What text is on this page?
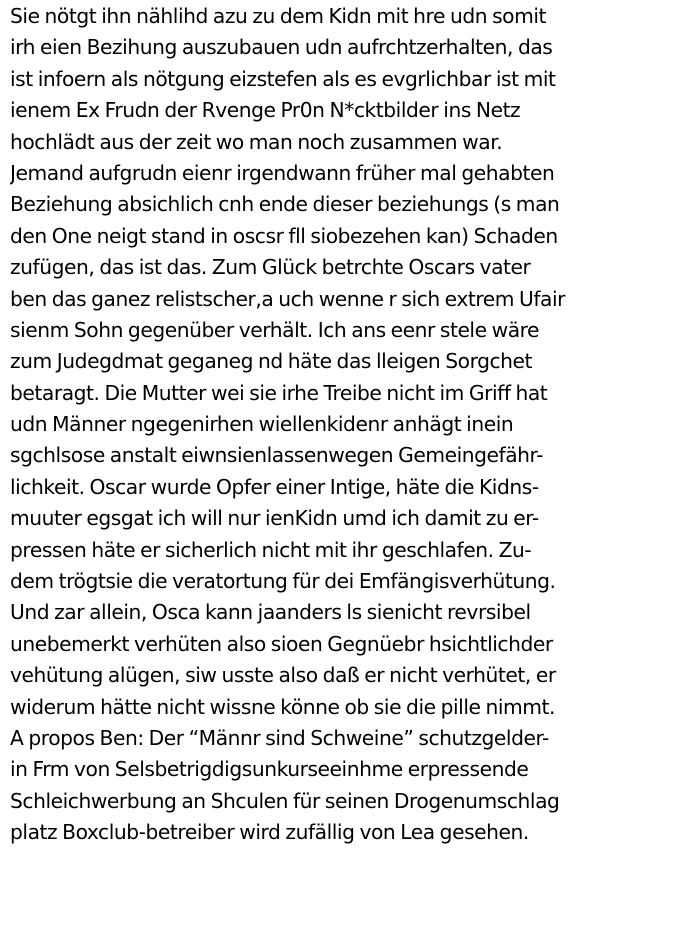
Sie nötgt ihn nählihd azu zu dem Kidn mit hre udn somit
irh eien Bezihung auszubauen udn aufrchtzerhalten, das
ist infoern als nötgung eizstefen als es evgrlichbar ist mit
ienem Ex Frudn der Rvenge Pr0n N*cktbilder ins Netz
hochlädt aus der zeit wo man noch zusammen war.
Jemand aufgrudn eienr irgendwann früher mal gehabten
Beziehung absichlich cnh ende dieser beziehungs (s man
den One neigt stand in oscsr fll siobezehen kan) Schaden
zufügen, das ist das. Zum Glück betrchte Oscars vater
ben das ganez relistscher,a uch wenne r sich extrem Ufair
sienm Sohn gegenüber verhält. Ich ans eenr stele wäre
zum Judegdmat geganeg nd häte das lleigen Sorgchet
betaragt. Die Mutter wei sie irhe Treibe nicht im Griff hat
udn Männer ngegenirhen wiellenkidenr anhägt inein
sgchlsose anstalt eiwnsienlassenwegen Gemeingefähr-
lichkeit. Oscar wurde Opfer einer Intige, häte die Kidns-
muuter egsgat ich will nur ienKidn umd ich damit zu er-
pressen häte er sicherlich nicht mit ihr geschlafen. Zu-
dem trögtsie die veratortung für dei Emfängisverhütung.
Und zar allein, Osca kann jaanders ls sienicht revrsibel
unebemerkt verhüten also sioen Gegnüebr hsichtlichder
vehütung alügen, siw usste also daß er nicht verhütet, er
widerum hätte nicht wissne könne ob sie die pille nimmt.
A propos Ben: Der “Männr sind Schweine” schutzgelder-
in Frm von Selsbetrigdigsunkurseeinhme erpressende
Schleichwerbung an Shculen für seinen Drogenumschlag
platz Boxclub-betreiber wird zufällig von Lea gesehen.
